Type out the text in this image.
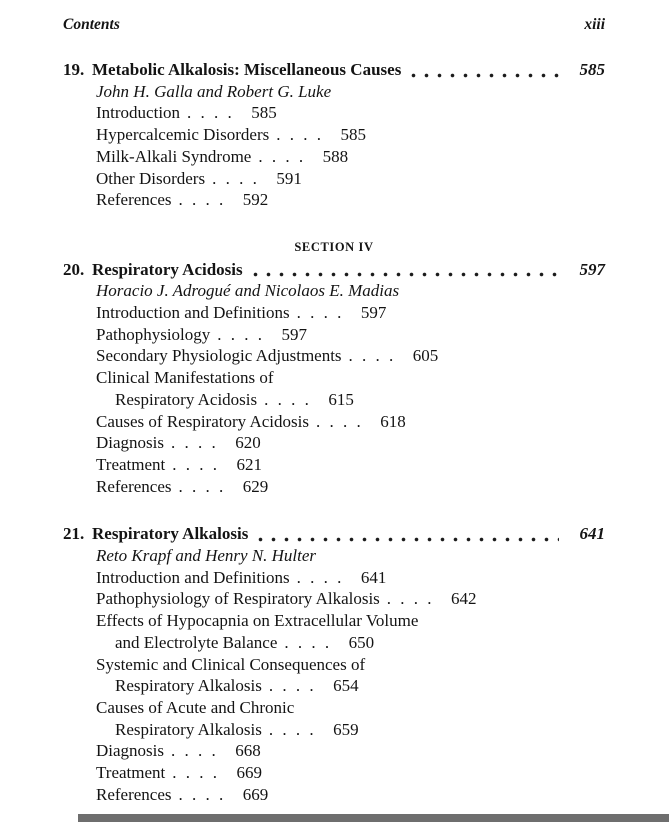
Contents	xiii
19. Metabolic Alkalosis: Miscellaneous Causes	585
John H. Galla and Robert G. Luke
Introduction . . . .	585
Hypercalcemic Disorders . . . .	585
Milk-Alkali Syndrome . . . .	588
Other Disorders . . . .	591
References . . . .	592
SECTION IV
20. Respiratory Acidosis	597
Horacio J. Adrogué and Nicolaos E. Madias
Introduction and Definitions . . . .	597
Pathophysiology . . . .	597
Secondary Physiologic Adjustments . . . .	605
Clinical Manifestations of
Respiratory Acidosis . . . .	615
Causes of Respiratory Acidosis . . . .	618
Diagnosis . . . .	620
Treatment . . . .	621
References . . . .	629
21. Respiratory Alkalosis	641
Reto Krapf and Henry N. Hulter
Introduction and Definitions . . . .	641
Pathophysiology of Respiratory Alkalosis . . . .	642
Effects of Hypocapnia on Extracellular Volume
and Electrolyte Balance . . . .	650
Systemic and Clinical Consequences of
Respiratory Alkalosis . . . .	654
Causes of Acute and Chronic
Respiratory Alkalosis . . . .	659
Diagnosis . . . .	668
Treatment . . . .	669
References . . . .	669
